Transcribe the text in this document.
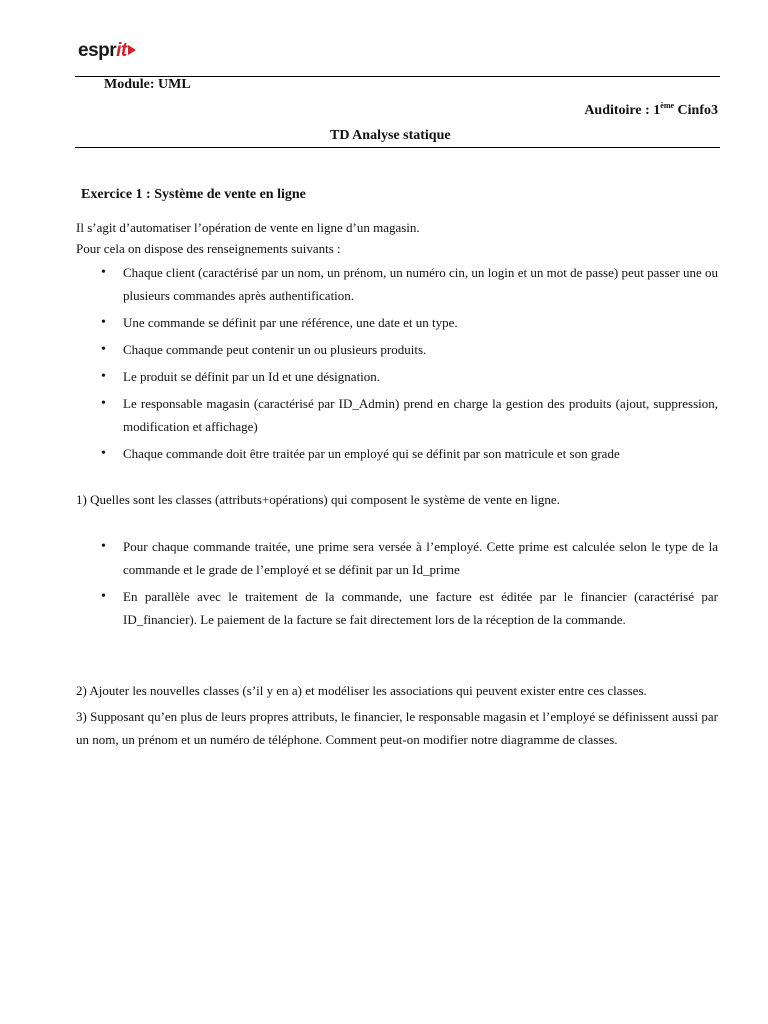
esprit
Module: UML
Auditoire : 1ème Cinfo3
TD Analyse statique
Exercice 1 : Système de vente en ligne
Il s’agit d’automatiser l’opération de vente en ligne d’un magasin.
Pour cela on dispose des renseignements suivants :
• Chaque client (caractérisé par un nom, un prénom, un numéro cin, un login et un mot de passe) peut passer une ou plusieurs commandes après authentification.
• Une commande se définit par une référence, une date et un type.
• Chaque commande peut contenir un ou plusieurs produits.
• Le produit se définit par un Id et une désignation.
• Le responsable magasin (caractérisé par ID_Admin) prend en charge la gestion des produits (ajout, suppression, modification et affichage)
• Chaque commande doit être traitée par un employé qui se définit par son matricule et son grade
1) Quelles sont les classes (attributs+opérations) qui composent le système de vente en ligne.
• Pour chaque commande traitée, une prime sera versée à l’employé. Cette prime est calculée selon le type de la commande et le grade de l’employé et se définit par un Id_prime
• En parallèle avec le traitement de la commande, une facture est éditée par le financier (caractérisé par ID_financier). Le paiement de la facture se fait directement lors de la réception de la commande.
2) Ajouter les nouvelles classes (s’il y en a) et modéliser les associations qui peuvent exister entre ces classes.
3) Supposant qu’en plus de leurs propres attributs, le financier, le responsable magasin et l’employé se définissent aussi par un nom, un prénom et un numéro de téléphone. Comment peut-on modifier notre diagramme de classes.
